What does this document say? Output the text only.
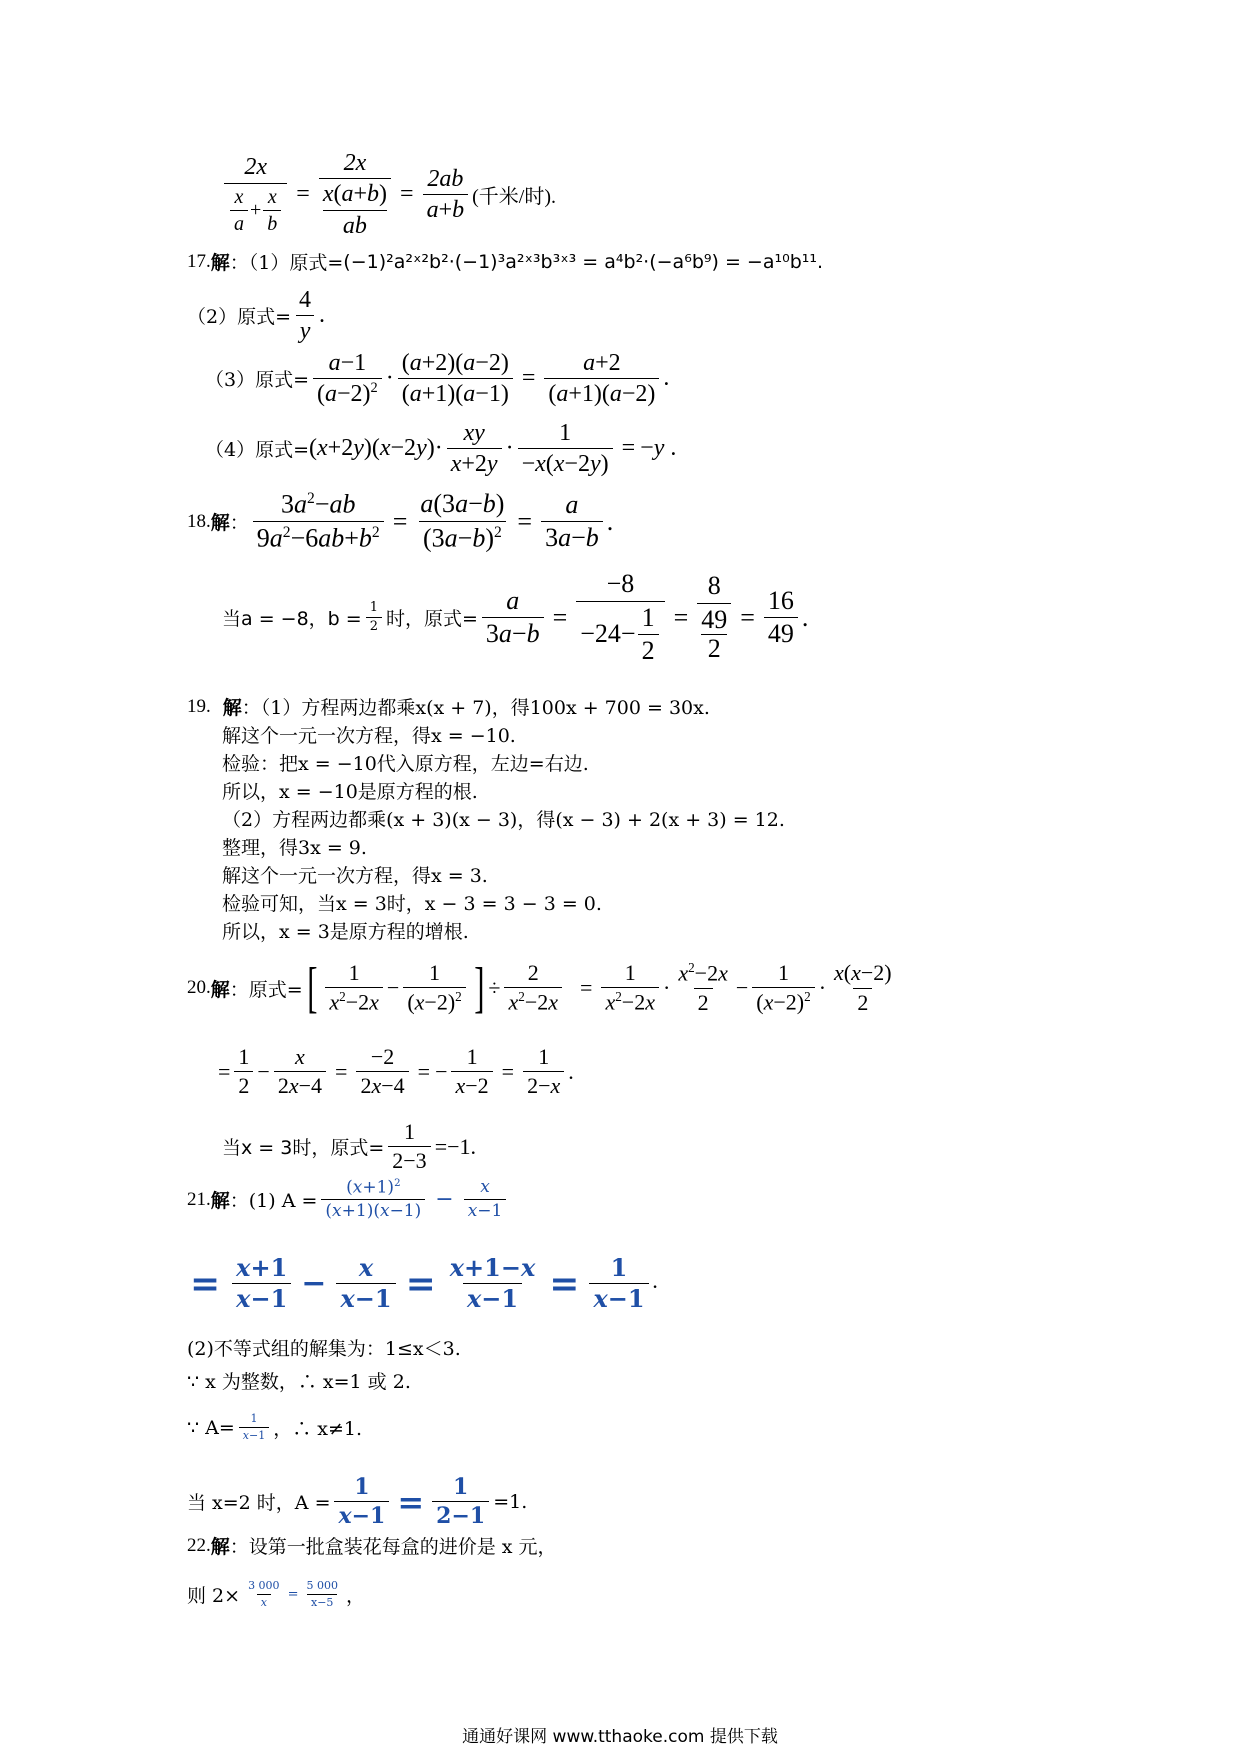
$\frac{2x}{\frac{x}{a} + \frac{x}{b}} = 2x$
x(a+b)
ab = $\frac{2ab}{a+b}$ (千米/时).
17. 解 ：（1）原式= (−1)²a²ˣ²b²·(−1)³a²ˣ³b³ˣ³ = a⁴b²·(−a⁶b⁹) = −a¹⁰b¹¹.
（2）原式= $\frac{4}{y}$ .
（3）原式= $\frac{a-1}{(a-2)^2} \cdot \frac{(a+2)(a-2)}{(a+1)(a-1)} = \frac{a+2}{(a+1)(a-2)}$ .
（4）原式= $(x+2y)(x-2y)\cdot \frac{xy}{x+2y} \cdot \frac{1}{-x(x-2y)} = -y$ .
18. 解 ： $\frac{3a^2-ab}{9a^2-6ab+b^2} = \frac{a(3a-b)}{(3a-b)^2} = \frac{a}{3a-b}$ .
当 a = −8，$b = \frac{1}{2}$ 时，原式= $\frac{a}{3a-b} = \frac{-8}{-24- \frac{1}{2}} = 8$
49
$2 = \frac{16}{49}$ .
19. 解 ：（1）方程两边都乘x(x + 7)，得100x + 700 = 30x.
解这个一元一次方程，得x = −10.
检验：把x = −10代入原方程，左边=右边.
所以，x = −10是原方程的根.
（2）方程两边都乘(x + 3)(x − 3)，得(x − 3) + 2(x + 3) = 12.
整理，得3x = 9.
解这个一元一次方程，得x = 3.
检验可知，当x = 3时，x − 3 = 3 − 3 = 0.
所以，x = 3是原方程的增根.
20. 解 ：原式= [ $\frac{1}{x^2-2x} - \frac{1}{(x-2)^2}$ ] ÷ $\frac{2}{x^2-2x} = \frac{1}{x^2-2x} \cdot \frac{x^2-2x}{2} - \frac{1}{(x-2)^2} \cdot \frac{x(x-2)}{2}$
= $\frac{1}{2} - \frac{x}{2x-4} = \frac{-2}{2x-4}$ = − $\frac{1}{x-2} = \frac{1}{2-x}$ .
当x = 3时，原式= $\frac{1}{2-3} =-1$.
21. 解 ：(1) $A = \frac{(x+1)^2}{(x+1)(x-1)} - \frac{x}{x-1}$
= $\frac{x+1}{x-1} - \frac{x}{x-1} = \frac{x+1-x}{x-1} = \frac{1}{x-1}$ .
(2)不等式组的解集为：1≤x＜3.
∵ x 为整数，∴ x=1 或 2.
∵ $A= \frac{1}{x-1}$ ，∴ x≠1.
当 x=2 时，$A = \frac{1}{x-1} = \frac{1}{2-1} =1$.
22. 解 ：设第一批盒装花每盒的进价是 x 元，
则 $2\times \frac{3 000}{x} = \frac{5 000}{x-5}$ ，
通通好课网 www.tthaoke.com 提供下载
